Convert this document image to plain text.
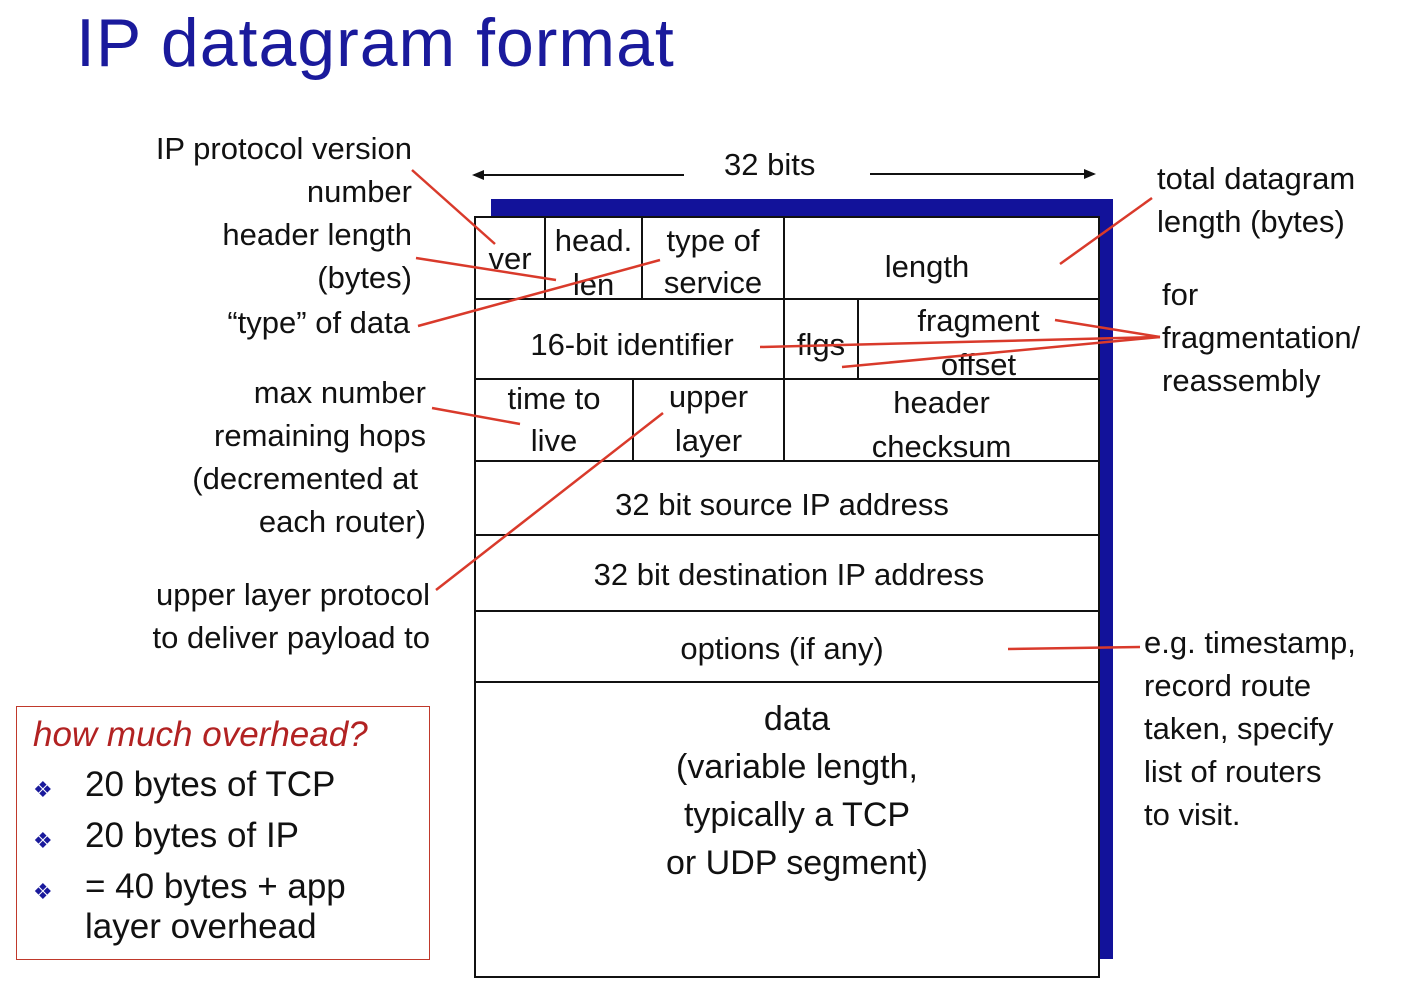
IP datagram format
32 bits
ver
head.
len
type of
service	length
16-bit identifier	flgs
fragment
offset
time to
live
upper
layer
header
checksum
32 bit source IP address
32 bit destination IP address
options (if any)
data
(variable length,
typically a TCP
or UDP segment)
IP protocol version
number
header length
(bytes)
“type” of data
max number
remaining hops
(decremented at
each router)
upper layer protocol
to deliver payload to
total datagram
length (bytes)
for
fragmentation/
reassembly
e.g. timestamp,
record route
taken, specify
list of routers
to visit.
how much overhead?
❖ 20 bytes of TCP
❖ 20 bytes of IP
❖ = 40 bytes + app
layer overhead
